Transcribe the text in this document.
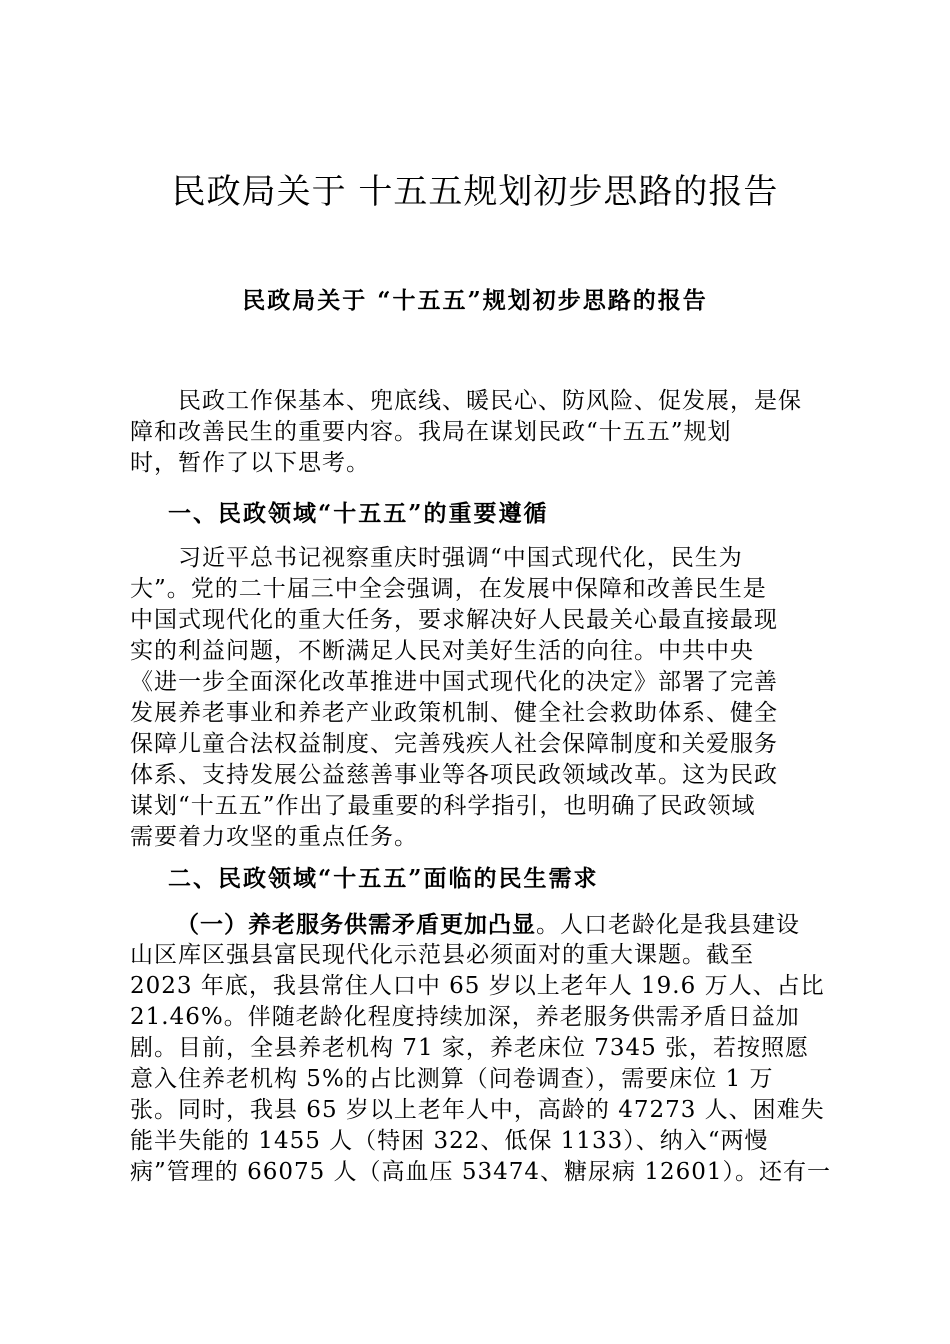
民政局关于 十五五规划初步思路的报告
民政局关于 “十五五”规划初步思路的报告
　　民政工作保基本、兜底线、暖民心、防风险、促发展，是保
障和改善民生的重要内容。我局在谋划民政“十五五”规划
时，暂作了以下思考。
一、民政领域“十五五”的重要遵循
　　习近平总书记视察重庆时强调“中国式现代化，民生为
大”。党的二十届三中全会强调，在发展中保障和改善民生是
中国式现代化的重大任务，要求解决好人民最关心最直接最现
实的利益问题，不断满足人民对美好生活的向往。中共中央
《进一步全面深化改革推进中国式现代化的决定》部署了完善
发展养老事业和养老产业政策机制、健全社会救助体系、健全
保障儿童合法权益制度、完善残疾人社会保障制度和关爱服务
体系、支持发展公益慈善事业等各项民政领域改革。这为民政
谋划“十五五”作出了最重要的科学指引，也明确了民政领域
需要着力攻坚的重点任务。
二、民政领域“十五五”面临的民生需求
（一）养老服务供需矛盾更加凸显。人口老龄化是我县建设
山区库区强县富民现代化示范县必须面对的重大课题。截至
2023 年底，我县常住人口中 65 岁以上老年人 19.6 万人、占比
21.46%。伴随老龄化程度持续加深，养老服务供需矛盾日益加
剧。目前，全县养老机构 71 家，养老床位 7345 张，若按照愿
意入住养老机构 5%的占比测算（问卷调查），需要床位 1 万
张。同时，我县 65 岁以上老年人中，高龄的 47273 人、困难失
能半失能的 1455 人（特困 322、低保 1133）、纳入“两慢
病”管理的 66075 人（高血压 53474、糖尿病 12601）。还有一
